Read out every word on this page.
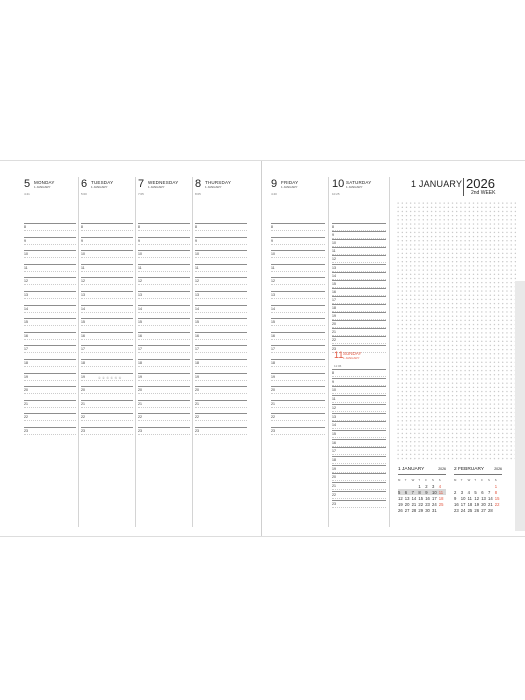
5 MONDAY
1 JANUARY
4:41
6 TUESDAY
1 JANUARY
5:00
7 WEDNESDAY
1 JANUARY
7:05
8 THURSDAY
1 JANUARY
8:05
① ② ③ ④ ⑤ ⑥
8
9
10
11
12
13
14
15
16
17
18
19
20
21
22
23
8
9
10
11
12
13
14
15
16
17
18
19
20
21
22
23
8
9
10
11
12
13
14
15
16
17
18
19
20
21
22
23
8
9
10
11
12
13
14
15
16
17
18
19
20
21
22
23
9 FRIDAY
1 JANUARY
4:40
10 SATURDAY
1 JANUARY
10:25
1 JANUARY 2026
2nd WEEK
8
9
10
11
12
13
14
15
16
17
18
19
20
21
22
23
8
9
10
11
12
13
14
15
16
17
18
19
20
21
22
23
8
9
10
11
12
13
14
15
16
17
18
19
20
21
22
23
11 SUNDAY
1 JANUARY
11:06
1 JANUARY	2026
M	T	W	T	F	S	S
			1	2	3	4
5	6	7	8	9	10	11
12	13	14	15	16	17	18
19	20	21	22	23	24	25
26	27	28	29	30	31	
2 FEBRUARY	2026
M	T	W	T	F	S	S
						1
2	3	4	5	6	7	8
9	10	11	12	13	14	15
16	17	18	19	20	21	22
23	24	25	26	27	28	
